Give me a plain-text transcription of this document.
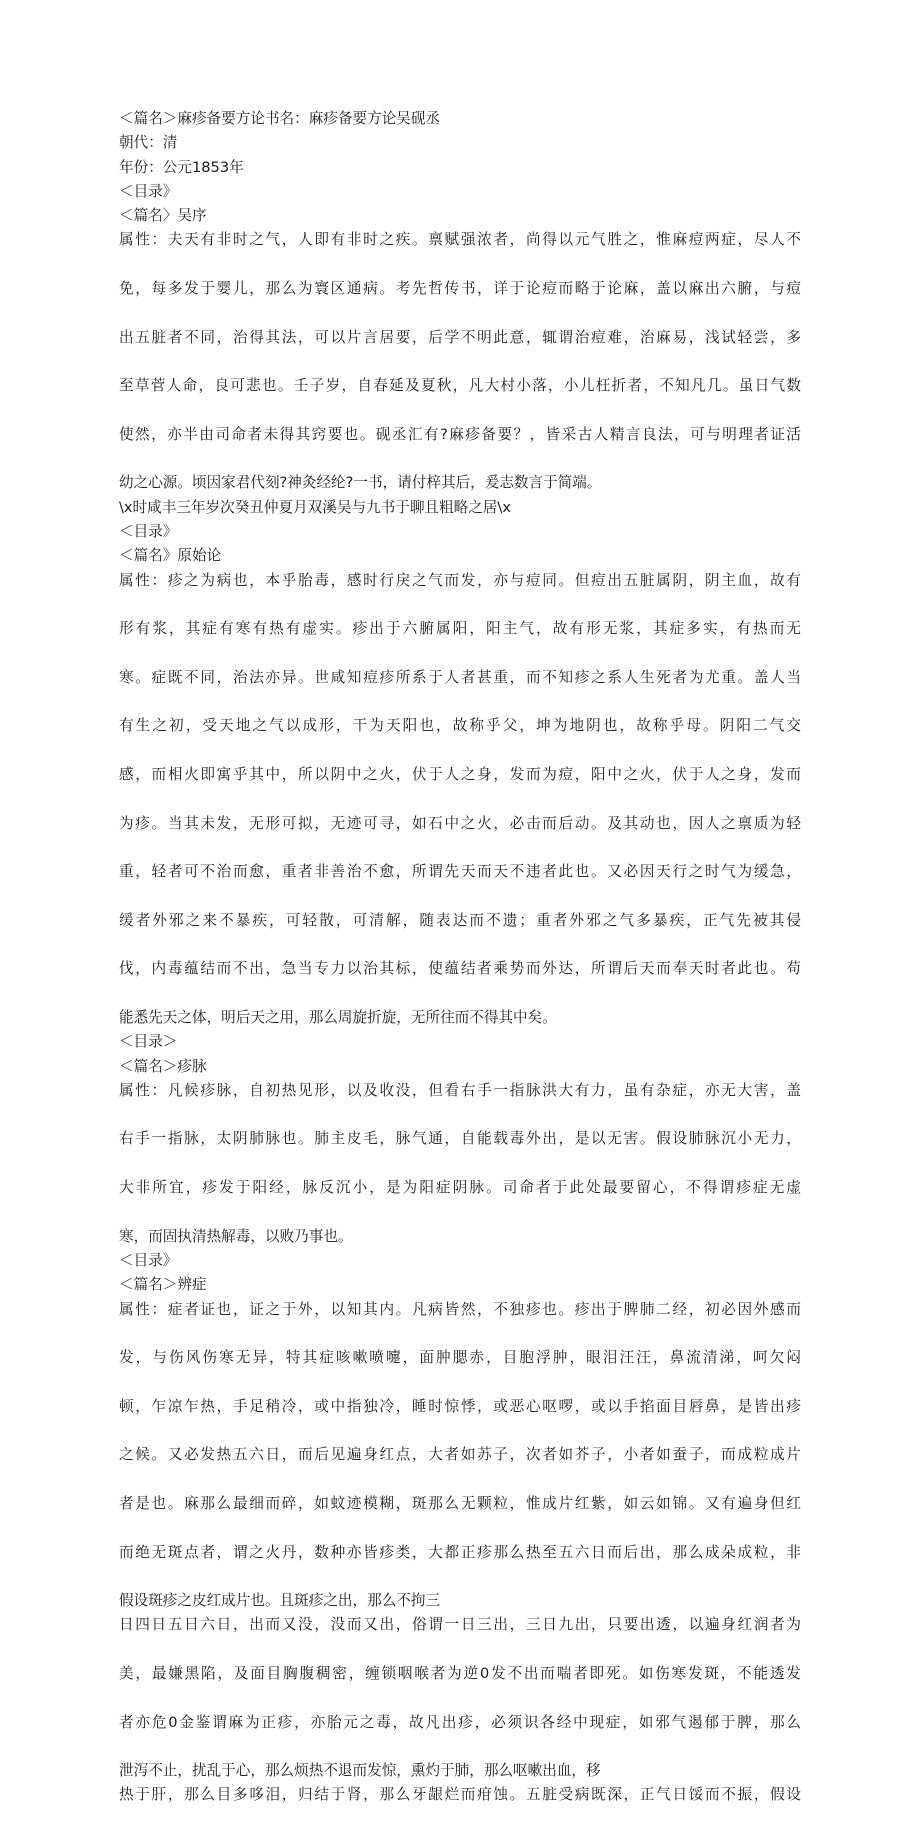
＜篇名＞麻疹备要方论书名：麻疹备要方论吴砚丞
朝代：清
年份：公元1853年
＜目录》
＜篇名〉吴序
属性：夫天有非时之气，人即有非时之疾。禀赋强浓者，尚得以元气胜之，惟麻痘两症，尽人不
免，每多发于婴儿，那么为寰区通病。考先哲传书，详于论痘而略于论麻，盖以麻出六腑，与痘
出五脏者不同，治得其法，可以片言居要，后学不明此意，辄谓治痘难，治麻易，浅试轻尝，多
至草菅人命，良可悲也。壬子岁，自春延及夏秋，凡大村小落，小儿枉折者，不知凡几。虽日气数
使然，亦半由司命者未得其窍要也。砚丞汇有?麻疹备要？，皆采古人精言良法，可与明理者证活
幼之心源。顷因家君代刻?神灸经纶?一书，请付梓其后，爰志数言于简端。
\x时咸丰三年岁次癸丑仲夏月双溪吴与九书于聊且粗略之居\x
＜目录》
＜篇名》原始论
属性：疹之为病也，本乎胎毒，感时行戾之气而发，亦与痘同。但痘出五脏属阴，阴主血，故有
形有浆，其症有寒有热有虚实。疹出于六腑属阳，阳主气，故有形无浆，其症多实，有热而无
寒。症既不同，治法亦异。世咸知痘疹所系于人者甚重，而不知疹之系人生死者为尤重。盖人当
有生之初，受天地之气以成形，干为天阳也，故称乎父，坤为地阴也，故称乎母。阴阳二气交
感，而相火即寓乎其中，所以阴中之火，伏于人之身，发而为痘，阳中之火，伏于人之身，发而
为疹。当其未发，无形可拟，无迹可寻，如石中之火，必击而后动。及其动也，因人之禀质为轻
重，轻者可不治而愈，重者非善治不愈，所谓先天而天不违者此也。又必因天行之时气为缓急，
缓者外邪之来不暴疾，可轻散，可清解，随表达而不遗；重者外邪之气多暴疾，正气先被其侵
伐，内毒蕴结而不出，急当专力以治其标，使蕴结者乘势而外达，所谓后天而奉天时者此也。苟
能悉先天之体，明后天之用，那么周旋折旋，无所往而不得其中矣。
＜目录＞
＜篇名＞疹脉
属性：凡候疹脉，自初热见形，以及收没，但看右手一指脉洪大有力，虽有杂症，亦无大害，盖
右手一指脉，太阴肺脉也。肺主皮毛，脉气通，自能载毒外出，是以无害。假设肺脉沉小无力，
大非所宜，疹发于阳经，脉反沉小，是为阳症阴脉。司命者于此处最要留心，不得谓疹症无虚
寒，而固执清热解毒，以败乃事也。
＜目录》
＜篇名＞辨症
属性：症者证也，证之于外，以知其内。凡病皆然，不独疹也。疹出于脾肺二经，初必因外感而
发，与伤风伤寒无异，特其症咳嗽喷嚏，面肿腮赤，目胞浮肿，眼泪汪汪，鼻流清涕，呵欠闷
顿，乍凉乍热，手足稍冷，或中指独冷，睡时惊悸，或恶心呕啰，或以手掐面目唇鼻，是皆出疹
之候。又必发热五六日，而后见遍身红点，大者如苏子，次者如芥子，小者如蚕子，而成粒成片
者是也。麻那么最细而碎，如蚊迹模糊，斑那么无颗粒，惟成片红紫，如云如锦。又有遍身但红
而绝无斑点者，谓之火丹，数种亦皆疹类，大都正疹那么热至五六日而后出，那么成朵成粒，非
假设斑疹之皮红成片也。且斑疹之出，那么不拘三
日四日五日六日，出而又没，没而又出，俗谓一日三出，三日九出，只要出透，以遍身红润者为
美，最嫌黑陷，及面目胸腹稠密，缠锁咽喉者为逆0发不出而喘者即死。如伤寒发斑，不能透发
者亦危0金鉴谓麻为正疹，亦胎元之毒，故凡出疹，必须识各经中现症，如邪气遏郁于脾，那么
泄泻不止，扰乱于心，那么烦热不退而发惊，熏灼于肺，那么呕嗽出血，移
热于肝，那么目多哆泪，归结于肾，那么牙龈烂而疳蚀。五脏受病既深，正气日馁而不振，假设
